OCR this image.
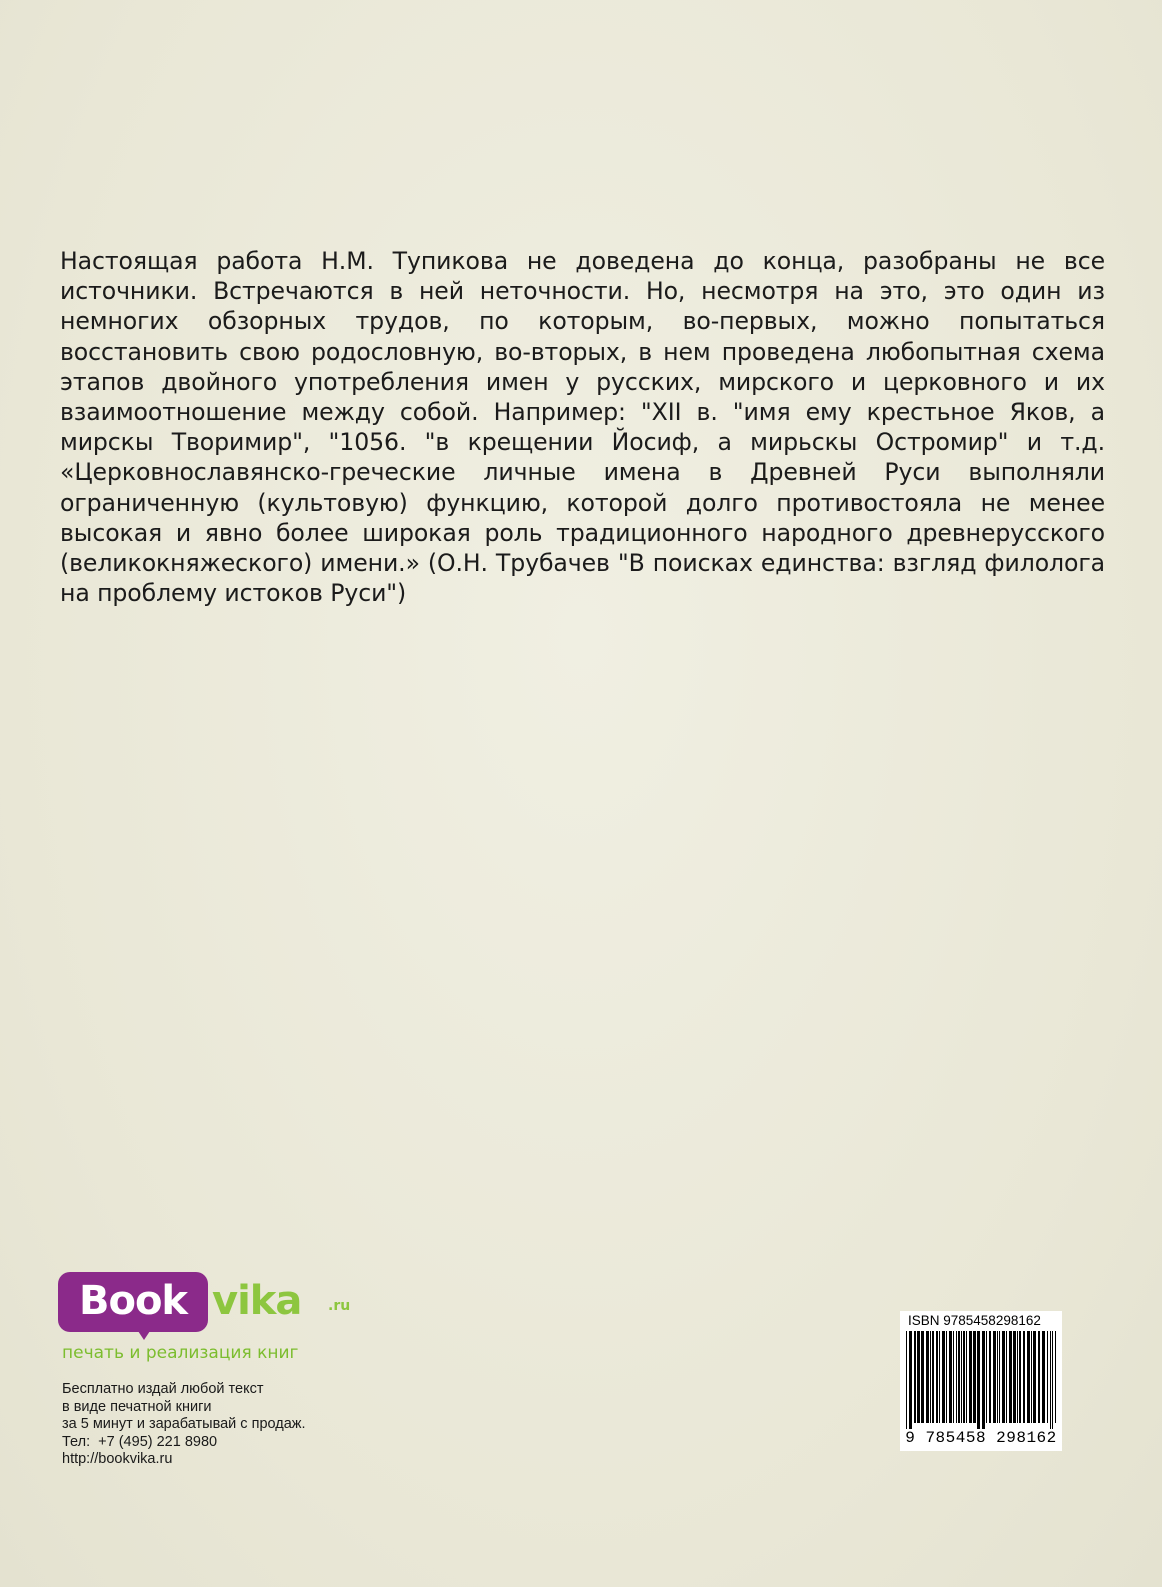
Настоящая работа Н.М. Тупикова не доведена до конца, разобраны не все источники. Встречаются в ней неточности. Но, несмотря на это, это один из немногих обзорных трудов, по которым, во-первых, можно попытаться восстановить свою родословную, во-вторых, в нем проведена любопытная схема этапов двойного употребления имен у русских, мирского и церковного и их взаимоотношение между собой. Например: "XII в. "имя ему крестьное Яков, а мирскы Творимир", "1056. "в крещении Йосиф, а мирьскы Остромир" и т.д. «Церковнославянско-греческие личные имена в Древней Руси выполняли ограниченную (культовую) функцию, которой долго противостояла не менее высокая и явно более широкая роль традиционного народного древнерусского (великокняжеского) имени.» (О.Н. Трубачев "В поисках единства: взгляд филолога на проблему истоков Руси")

Book vika .ru
печать и реализация книг
Бесплатно издай любой текст
в виде печатной книги
за 5 минут и зарабатывай с продаж.
Тел:  +7 (495) 221 8980
http://bookvika.ru
ISBN 9785458298162
9 785458 298162
